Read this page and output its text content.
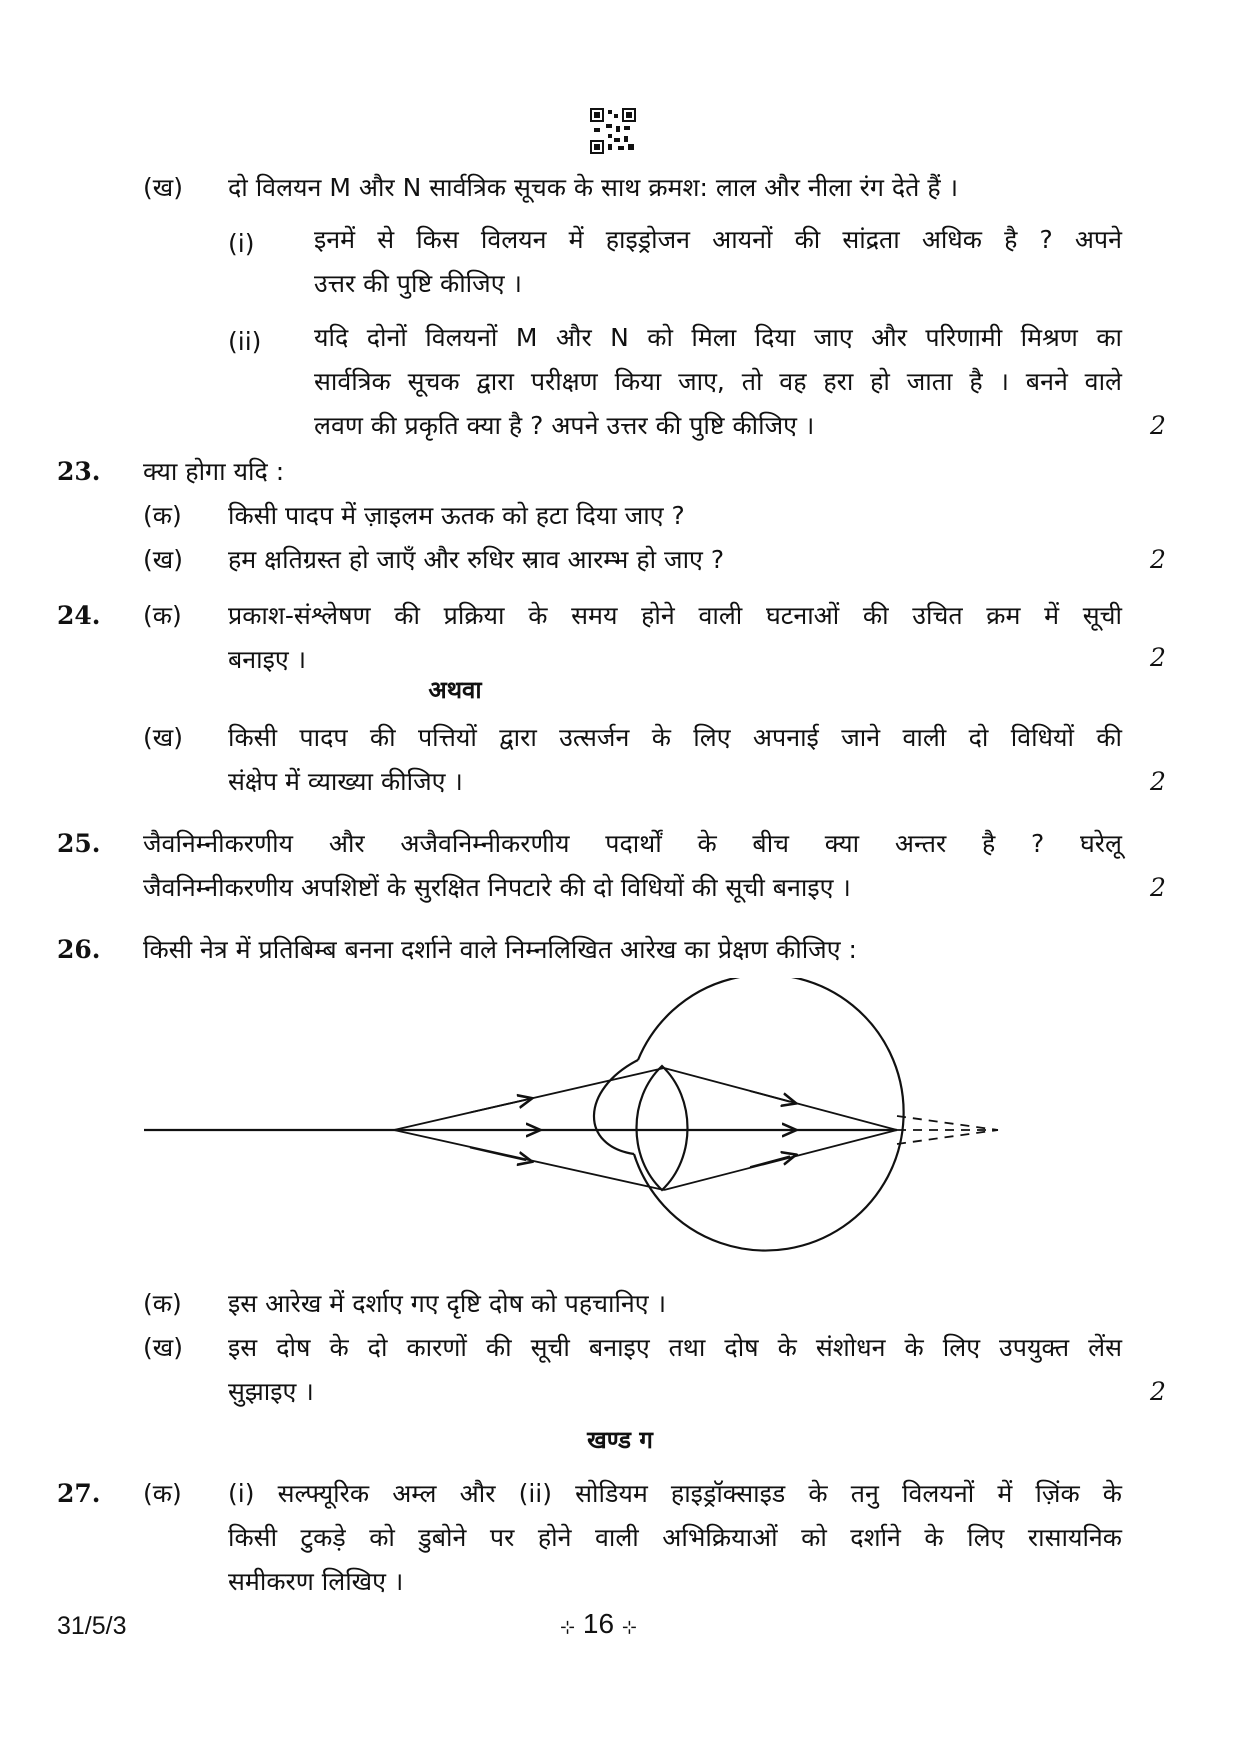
(ख) दो विलयन M और N सार्वत्रिक सूचक के साथ क्रमश: लाल और नीला रंग देते हैं ।
(i) इनमें से किस विलयन में हाइड्रोजन आयनों की सांद्रता अधिक है ? अपने
उत्तर की पुष्टि कीजिए ।
(ii) यदि दोनों विलयनों M और N को मिला दिया जाए और परिणामी मिश्रण का
सार्वत्रिक सूचक द्वारा परीक्षण किया जाए, तो वह हरा हो जाता है । बनने वाले
लवण की प्रकृति क्या है ? अपने उत्तर की पुष्टि कीजिए ।	2
23. क्या होगा यदि :
(क) किसी पादप में ज़ाइलम ऊतक को हटा दिया जाए ?
(ख) हम क्षतिग्रस्त हो जाएँ और रुधिर स्राव आरम्भ हो जाए ?	2
24. (क) प्रकाश-संश्लेषण की प्रक्रिया के समय होने वाली घटनाओं की उचित क्रम में सूची
बनाइए ।	2
अथवा
(ख) किसी पादप की पत्तियों द्वारा उत्सर्जन के लिए अपनाई जाने वाली दो विधियों की
संक्षेप में व्याख्या कीजिए ।	2
25. जैवनिम्नीकरणीय और अजैवनिम्नीकरणीय पदार्थों के बीच क्या अन्तर है ? घरेलू
जैवनिम्नीकरणीय अपशिष्टों के सुरक्षित निपटारे की दो विधियों की सूची बनाइए ।	2
26. किसी नेत्र में प्रतिबिम्ब बनना दर्शाने वाले निम्नलिखित आरेख का प्रेक्षण कीजिए :
(क) इस आरेख में दर्शाए गए दृष्टि दोष को पहचानिए ।
(ख) इस दोष के दो कारणों की सूची बनाइए तथा दोष के संशोधन के लिए उपयुक्त लेंस
सुझाइए ।	2
खण्ड ग
27. (क) (i) सल्फ्यूरिक अम्ल और (ii) सोडियम हाइड्रॉक्साइड के तनु विलयनों में ज़िंक के
किसी टुकड़े को डुबोने पर होने वाली अभिक्रियाओं को दर्शाने के लिए रासायनिक
समीकरण लिखिए ।
31/5/3	⊹ 16 ⊹
